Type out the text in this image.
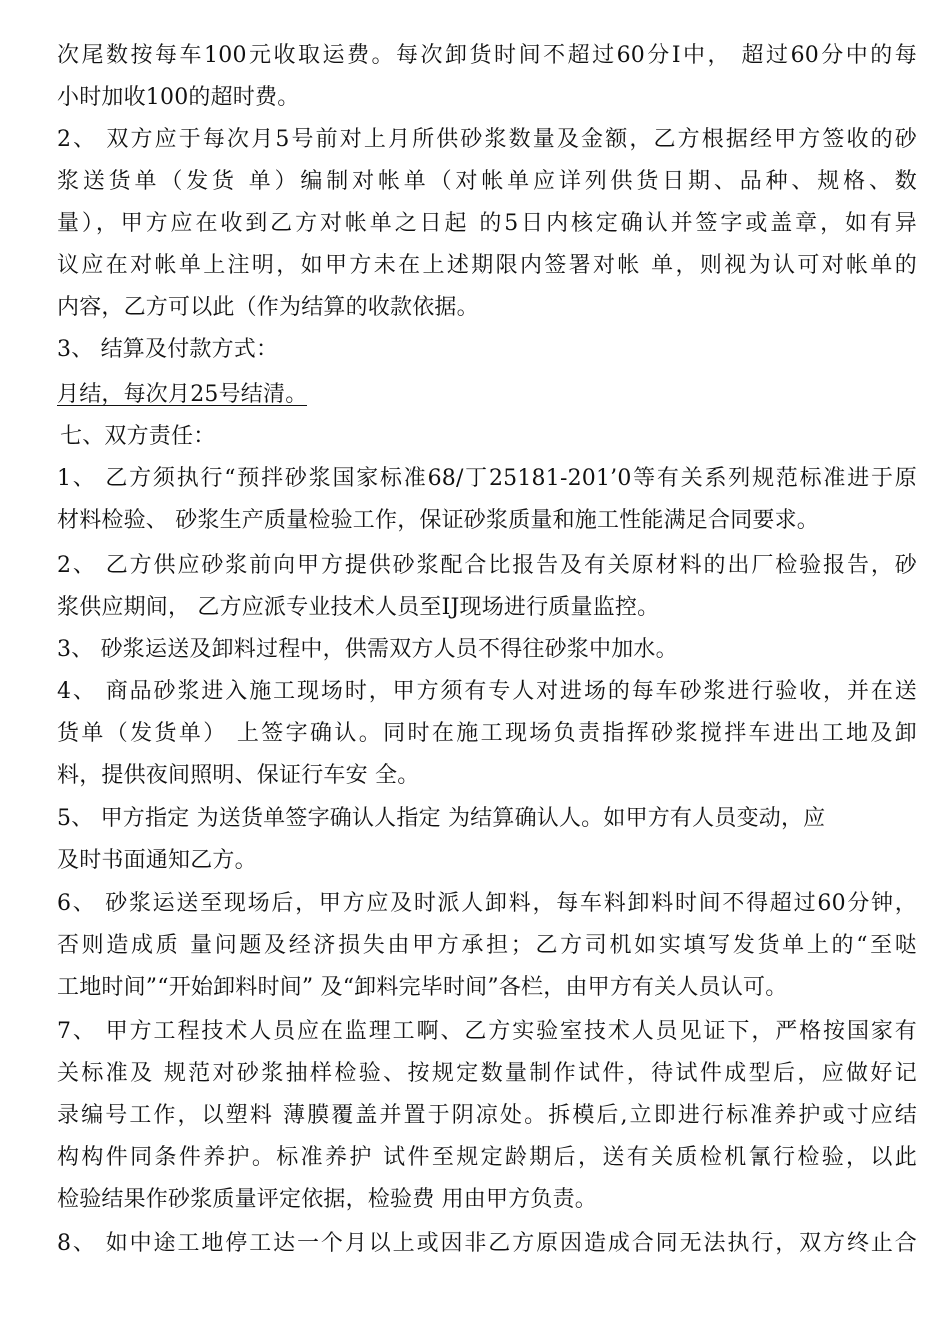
次尾数按每车100元收取运费。每次卸货时间不超过60分I中， 超过60分中的每
小时加收100的超时费。
2、 双方应于每次月5号前对上月所供砂浆数量及金额，乙方根据经甲方签收的砂
浆送货单（发货 单）编制对帐单（对帐单应详列供货日期、品种、规格、数
量），甲方应在收到乙方对帐单之日起 的5日内核定确认并签字或盖章，如有异
议应在对帐单上注明，如甲方未在上述期限内签署对帐 单，则视为认可对帐单的
内容，乙方可以此（作为结算的收款依据。
3、 结算及付款方式：
月结，每次月25号结清。
七、双方责任：
1、 乙方须执行“预拌砂浆国家标准68/丁25181-201’0等有关系列规范标准进于原
材料检验、 砂浆生产质量检验工作，保证砂浆质量和施工性能满足合同要求。
2、 乙方供应砂浆前向甲方提供砂浆配合比报告及有关原材料的出厂检验报告，砂
浆供应期间， 乙方应派专业技术人员至IJ现场进行质量监控。
3、 砂浆运送及卸料过程中，供需双方人员不得往砂浆中加水。
4、 商品砂浆进入施工现场时，甲方须有专人对进场的每车砂浆进行验收，并在送
货单（发货单） 上签字确认。同时在施工现场负责指挥砂浆搅拌车进出工地及卸
料，提供夜间照明、保证行车安 全。
5、 甲方指定 为送货单签字确认人指定 为结算确认人。如甲方有人员变动，应
及时书面通知乙方。
6、 砂浆运送至现场后，甲方应及时派人卸料，每车料卸料时间不得超过60分钟，
否则造成质 量问题及经济损失由甲方承担；乙方司机如实填写发货单上的“至哒
工地时间”“开始卸料时间” 及“卸料完毕时间”各栏，由甲方有关人员认可。
7、 甲方工程技术人员应在监理工啊、乙方实验室技术人员见证下，严格按国家有
关标准及 规范对砂浆抽样检验、按规定数量制作试件，待试件成型后，应做好记
录编号工作，以塑料 薄膜覆盖并置于阴凉处。拆模后,立即进行标准养护或寸应结
构构件同条件养护。标准养护 试件至规定龄期后，送有关质检机氰行检验，以此
检验结果作砂浆质量评定依据，检验费 用由甲方负责。
8、 如中途工地停工达一个月以上或因非乙方原因造成合同无法执行，双方终止合
